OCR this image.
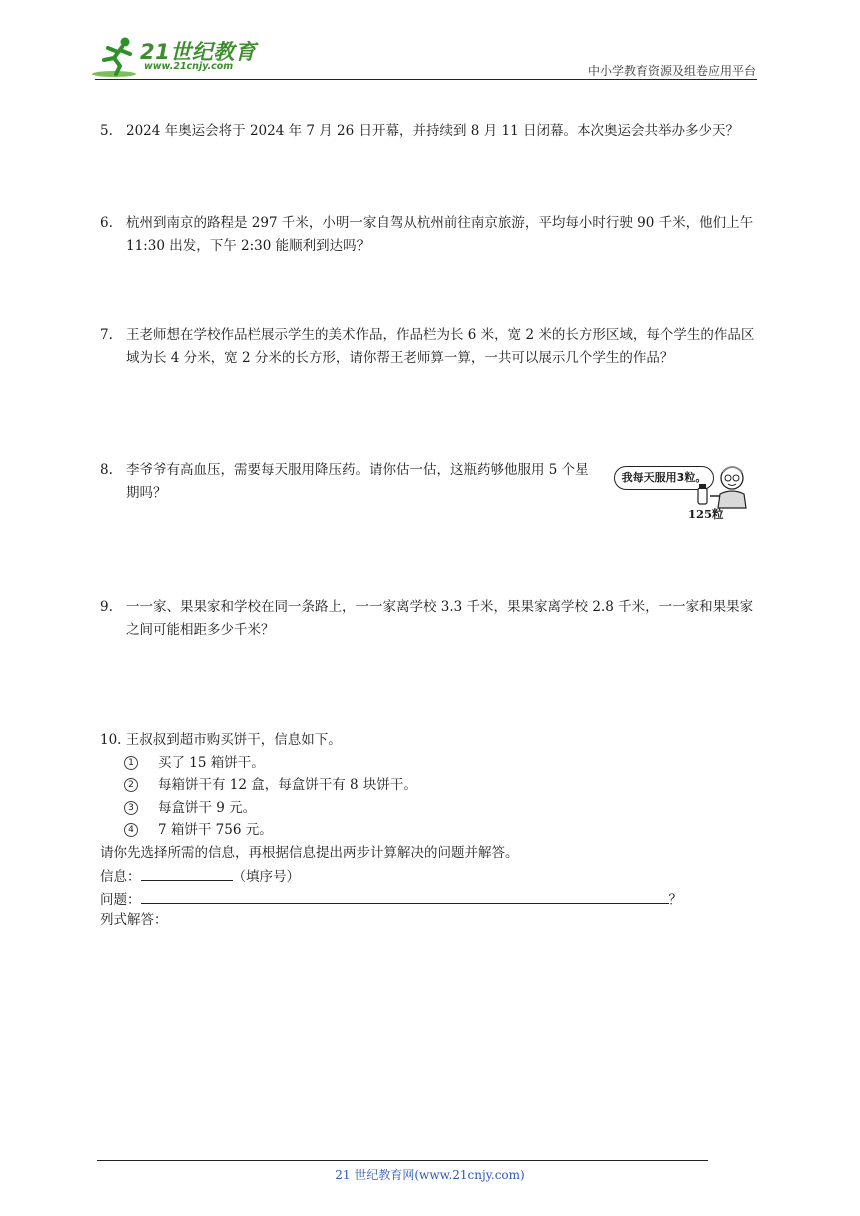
21世纪教育
www.21cnjy.com	中小学教育资源及组卷应用平台
5. 2024 年奥运会将于 2024 年 7 月 26 日开幕，并持续到 8 月 11 日闭幕。本次奥运会共举办多少天？
6. 杭州到南京的路程是 297 千米，小明一家自驾从杭州前往南京旅游，平均每小时行驶 90 千米，他们上午 11:30 出发，下午 2:30 能顺利到达吗？
7. 王老师想在学校作品栏展示学生的美术作品，作品栏为长 6 米，宽 2 米的长方形区域，每个学生的作品区域为长 4 分米，宽 2 分米的长方形，请你帮王老师算一算，一共可以展示几个学生的作品？
8. 李爷爷有高血压，需要每天服用降压药。请你估一估，这瓶药够他服用 5 个星期吗？
我每天服用3粒。
125粒
9. 一一家、果果家和学校在同一条路上，一一家离学校 3.3 千米，果果家离学校 2.8 千米，一一家和果果家之间可能相距多少千米？
10. 王叔叔到超市购买饼干，信息如下。
1 买了 15 箱饼干。
2 每箱饼干有 12 盒，每盒饼干有 8 块饼干。
3 每盒饼干 9 元。
4 7 箱饼干 756 元。
请你先选择所需的信息，再根据信息提出两步计算解决的问题并解答。
信息：	（填序号）
问题：	？
列式解答：
21 世纪教育网(www.21cnjy.com)
